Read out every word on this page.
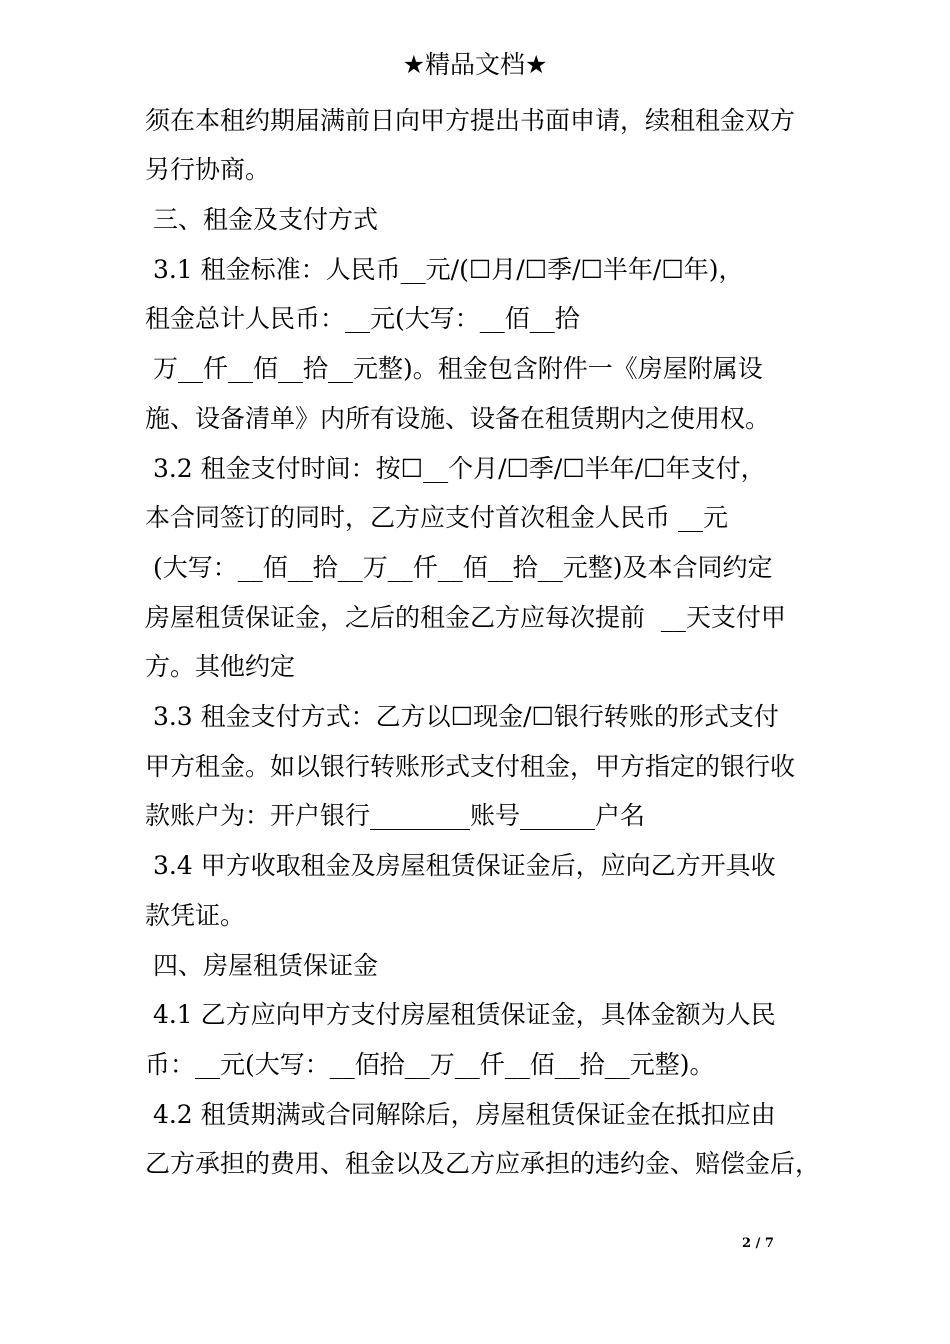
★精品文档★
须在本租约期届满前日向甲方提出书面申请，续租租金双方
另行协商。
三、租金及支付方式
3.1 租金标准：人民币__元/(☐月/☐季/☐半年/☐年)，
租金总计人民币：__元(大写：__佰__拾
万__仟__佰__拾__元整)。租金包含附件一《房屋附属设
施、设备清单》内所有设施、设备在租赁期内之使用权。
3.2 租金支付时间：按☐__个月/☐季/☐半年/☐年支付，
本合同签订的同时，乙方应支付首次租金人民币 __元
(大写：__佰__拾__万__仟__佰__拾__元整)及本合同约定
房屋租赁保证金，之后的租金乙方应每次提前  __天支付甲
方。其他约定
3.3 租金支付方式：乙方以☐现金/☐银行转账的形式支付
甲方租金。如以银行转账形式支付租金，甲方指定的银行收
款账户为：开户银行________账号______户名
3.4 甲方收取租金及房屋租赁保证金后，应向乙方开具收
款凭证。
四、房屋租赁保证金
4.1 乙方应向甲方支付房屋租赁保证金，具体金额为人民
币：__元(大写：__佰拾__万__仟__佰__拾__元整)。
4.2 租赁期满或合同解除后，房屋租赁保证金在抵扣应由
乙方承担的费用、租金以及乙方应承担的违约金、赔偿金后，
2 / 7
